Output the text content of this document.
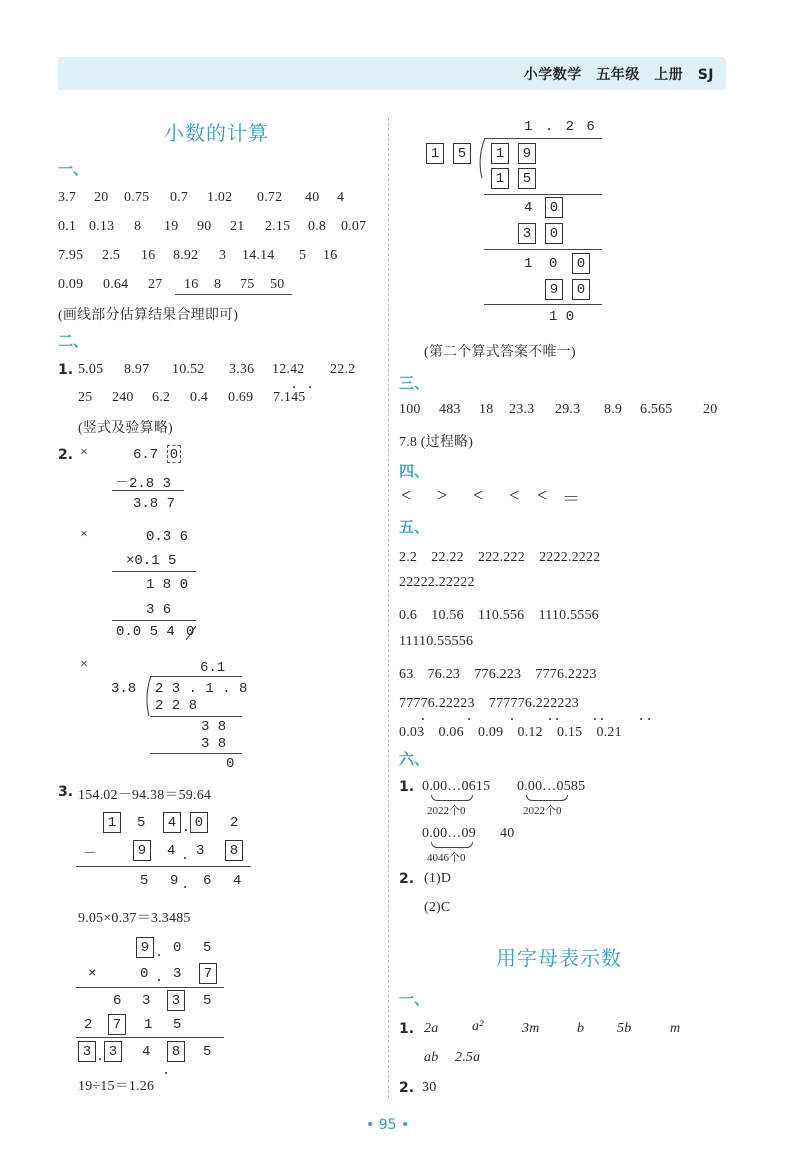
小学数学　五年级　上册　SJ
小数的计算
一、
3.7 20 0.75 0.7 1.02 0.72 40 4
0.1 0.13 8 19 90 21 2.15 0.8 0.07
7.95 2.5 16 8.92 3 14.14 5 16
0.09 0.64 27 16 8 75 50
(画线部分估算结果合理即可)
二、
1. 5.05 8.97 10.52 3.36 12.42 22.2
25 240 6.2 0.4 0.69 7.145
(竖式及验算略)
2. ×	6.7 0
－2.8 3
3.8 7
×	0.3 6
×0.1 5
1 8 0
3 6
0.0 5 4 0
×	6.1
3.8 2 3 . 1 . 8
2 2 8
3 8
3 8
0
3. 154.02－94.38＝59.64
1	5	4	0	2
－	9	4 3	8
5 9 6 4
9.05×0.37＝3.3485
9	0 5
×	0 3	7
6 3	3	5
2	7	1 5
3	3	4	8	5
19÷15＝1.26
1 . 2 6
1	5	1	9
1	5
4	0
3	0
1 0	0
9	0
1 0
(第二个算式答案不唯一)
三、
100 483 18 23.3 29.3 8.9 6.565 20
7.8 (过程略)
四、
< > < < < ＝
五、
2.2　22.22　222.222　2222.2222
22222.22222
0.6　10.56　110.556　1110.5556
11110.55556
63　76.23　776.223　7776.2223
77776.22223　777776.222223
0.03　0.06　0.09　0.12　0.15　0.21
六、
1. 0.00…0615
2022个0
0.00…0585
2022个0
0.00…09
4046个0
40
2. (1)D
(2)C
用字母表示数
一、
1. 2a a²	3m	b 5b	m
ab 2.5a
2. 30
• 95 •
